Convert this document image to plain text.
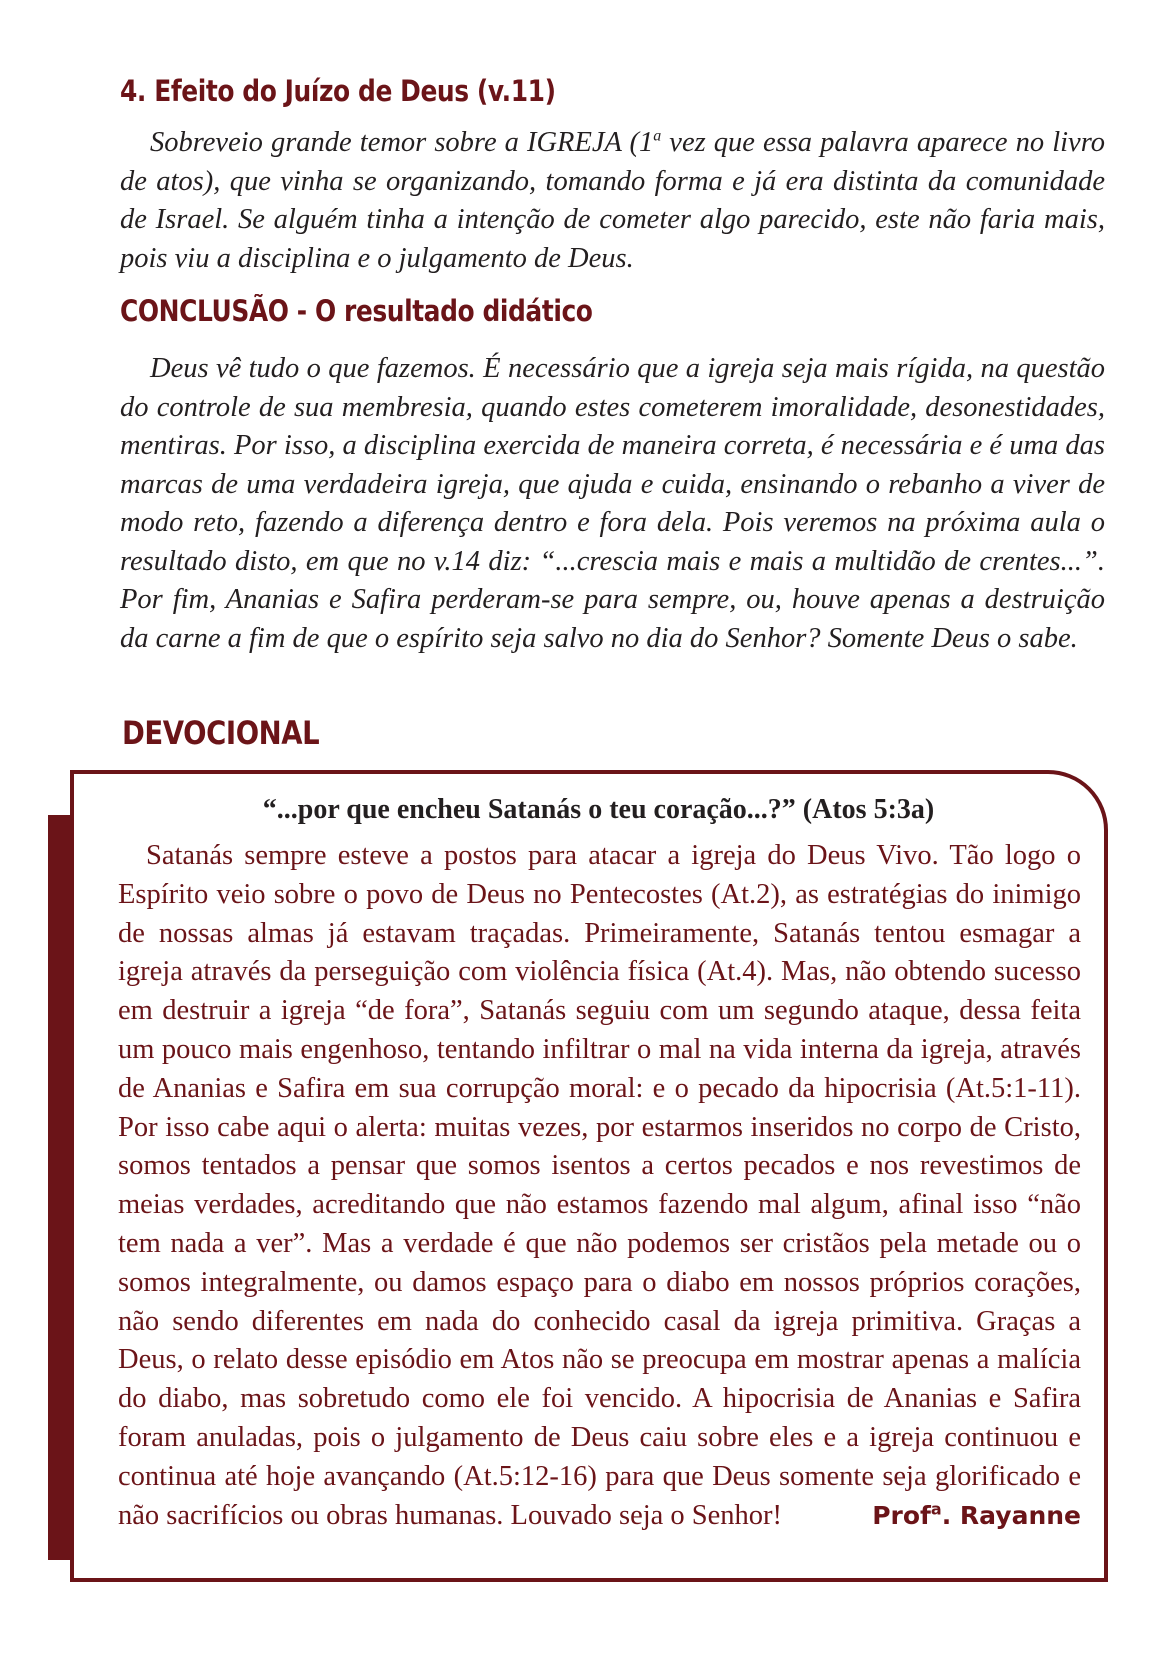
4. Efeito do Juízo de Deus (v.11)

Sobreveio grande temor sobre a IGREJA (1$^a$ vez que essa palavra aparece no livro de atos), que vinha se organizando, tomando forma e já era distinta da comunidade de Israel. Se alguém tinha a intenção de cometer algo parecido, este não faria mais, pois viu a disciplina e o julgamento de Deus.

CONCLUSÃO - O resultado didático

Deus vê tudo o que fazemos. É necessário que a igreja seja mais rígida, na questão do controle de sua membresia, quando estes cometerem imoralidade, desonestidades, mentiras. Por isso, a disciplina exercida de maneira correta, é necessária e é uma das marcas de uma verdadeira igreja, que ajuda e cuida, ensinando o rebanho a viver de modo reto, fazendo a diferença dentro e fora dela. Pois veremos na próxima aula o resultado disto, em que no v.14 diz: “...crescia mais e mais a multidão de crentes...”. Por fim, Ananias e Safira perderam-se para sempre, ou, houve apenas a destruição da carne a fim de que o espírito seja salvo no dia do Senhor? Somente Deus o sabe.

DEVOCIONAL
“...por que encheu Satanás o teu coração...?” (Atos 5:3a)

Satanás sempre esteve a postos para atacar a igreja do Deus Vivo. Tão logo o Espírito veio sobre o povo de Deus no Pentecostes (At.2), as estratégias do inimigo de nossas almas já estavam traçadas. Primeiramente, Satanás tentou esmagar a igreja através da perseguição com violência física (At.4). Mas, não obtendo sucesso em destruir a igreja “de fora”, Satanás seguiu com um segundo ataque, dessa feita um pouco mais engenhoso, tentando infiltrar o mal na vida interna da igreja, através de Ananias e Safira em sua corrupção moral: e o pecado da hipocrisia (At.5:1-11). Por isso cabe aqui o alerta: muitas vezes, por estarmos inseridos no corpo de Cristo, somos tentados a pensar que somos isentos a certos pecados e nos revestimos de meias verdades, acreditando que não estamos fazendo mal algum, afinal isso “não tem nada a ver”. Mas a verdade é que não podemos ser cristãos pela metade ou o somos integralmente, ou damos espaço para o diabo em nossos próprios corações, não sendo diferentes em nada do conhecido casal da igreja primitiva. Graças a Deus, o relato desse episódio em Atos não se preocupa em mostrar apenas a malícia do diabo, mas sobretudo como ele foi vencido. A hipocrisia de Ananias e Safira foram anuladas, pois o julgamento de Deus caiu sobre eles e a igreja continuou e continua até hoje avançando (At.5:12-16) para que Deus somente seja glorificado e não sacrifícios ou obras humanas. Louvado seja o Senhor!	Prof$^a$. Rayanne
